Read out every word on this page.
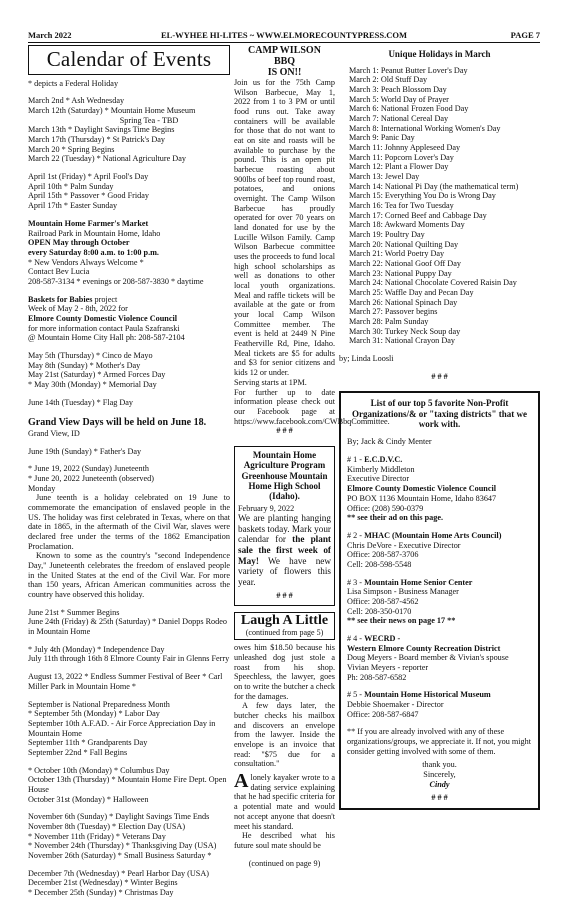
March 2022	EL-WYHEE HI-LITES ~ WWW.ELMORECOUNTYPRESS.COM	PAGE 7
Calendar of Events

* depicts a Federal Holiday

March 2nd * Ash Wednesday

March 12th (Saturday) * Mountain Home Museum

Spring Tea - TBD

March 13th * Daylight Savings Time Begins

March 17th (Thursday) * St Patrick's Day

March 20 * Spring Begins

March 22 (Tuesday) * National Agriculture Day

April 1st (Friday) * April Fool's Day

April 10th * Palm Sunday

April 15th * Passover * Good Friday

April 17th * Easter Sunday

Mountain Home Farmer's Market

Railroad Park in Mountain Home, Idaho

OPEN May through October

every Saturday 8:00 a.m. to 1:00 p.m.

* New Vendors Always Welcome *

Contact Bev Lucia

208-587-3134 * evenings or 208-587-3830 * daytime

Baskets for Babies project

Week of May 2 - 8th, 2022 for

Elmore County Domestic Violence Council

for more information contact Paula Szafranski

@ Mountain Home City Hall ph: 208-587-2104

May 5th (Thursday) * Cinco de Mayo

May 8th (Sunday) * Mother's Day

May 21st (Saturday) * Armed Forces Day

* May 30th (Monday) * Memorial Day

June 14th (Tuesday) * Flag Day

Grand View Days will be held on June 18.

Grand View, ID

June 19th (Sunday) * Father's Day

* June 19, 2022 (Sunday) Juneteenth

* June 20, 2022 Juneteenth (observed)

Monday

June teenth is a holiday celebrated on 19 June to commemorate the emancipation of enslaved people in the US. The holiday was first celebrated in Texas, where on that date in 1865, in the aftermath of the Civil War, slaves were declared free under the terms of the 1862 Emancipation Proclamation.

Known to some as the country's "second Independence Day," Juneteenth celebrates the freedom of enslaved people in the United States at the end of the Civil War. For more than 150 years, African American communities across the country have observed this holiday.

June 21st * Summer Begins

June 24th (Friday) & 25th (Saturday) * Daniel Dopps Rodeo in Mountain Home

* July 4th (Monday) * Independence Day

July 11th through 16th 8 Elmore County Fair in Glenns Ferry

August 13, 2022 * Endless Summer Festival of Beer * Carl Miller Park in Mountain Home *

September is National Preparedness Month

* September 5th (Monday) * Labor Day

September 10th A.F.AD. - Air Force Appreciation Day in Mountain Home

September 11th * Grandparents Day

September 22nd * Fall Begins

* October 10th (Monday) * Columbus Day

October 13th (Thursday) * Mountain Home Fire Dept. Open House

October 31st (Monday) * Halloween

November 6th (Sunday) * Daylight Savings Time Ends

November 8th (Tuesday) * Election Day (USA)

* November 11th (Friday) * Veterans Day

* November 24th (Thursday) * Thanksgiving Day (USA)

November 26th (Saturday) * Small Business Saturday *

December 7th (Wednesday) * Pearl Harbor Day (USA)

December 21st (Wednesday) * Winter Begins

* December 25th (Sunday) * Christmas Day

CAMP WILSON

BBQ

IS ON!!

Join us for the 75th Camp Wilson Barbecue, May 1, 2022 from 1 to 3 PM or until food runs out. Take away containers will be available for those that do not want to eat on site and roasts will be available to purchase by the pound. This is an open pit barbecue roasting about 900lbs of beef top round roast, potatoes, and onions overnight. The Camp Wilson Barbecue has proudly operated for over 70 years on land donated for use by the Lucille Wilson Family. Camp Wilson Barbecue committee uses the proceeds to fund local high school scholarships as well as donations to other local youth organizations. Meal and raffle tickets will be available at the gate or from your local Camp Wilson Committee member. The event is held at 2449 N Pine Featherville Rd, Pine, Idaho. Meal tickets are $5 for adults and $3 for senior citizens and kids 12 or under.

Serving starts at 1PM.

For further up to date information please check out our Facebook page at https://www.facebook.com/CWBbqCommittee.

# # #

Mountain Home Agriculture Program Greenhouse Mountain Home High School (Idaho).

February 9, 2022

We are planting hanging baskets today. Mark your calendar for the plant sale the first week of May! We have new variety of flowers this year.

# # #

Laugh A Little
(continued from page 5)

owes him $18.50 because his unleashed dog just stole a roast from his shop. Speechless, the lawyer, goes on to write the butcher a check for the damages.

A few days later, the butcher checks his mailbox and discovers an envelope from the lawyer. Inside the envelope is an invoice that read: "$75 due for a consultation."

A lonely kayaker wrote to a dating service explaining that he had specific criteria for a potential mate and would not accept anyone that doesn't meet his standard.

He described what his future soul mate should be

(continued on page 9)

Unique Holidays in March

March 1: Peanut Butter Lover's Day

March 2: Old Stuff Day

March 3: Peach Blossom Day

March 5: World Day of Prayer

March 6: National Frozen Food Day

March 7: National Cereal Day

March 8: International Working Women's Day

March 9: Panic Day

March 11: Johnny Appleseed Day

March 11: Popcorn Lover's Day

March 12: Plant a Flower Day

March 13: Jewel Day

March 14: National Pi Day (the mathematical term)

March 15: Everything You Do is Wrong Day

March 16: Tea for Two Tuesday

March 17: Corned Beef and Cabbage Day

March 18: Awkward Moments Day

March 19: Poultry Day

March 20: National Quilting Day

March 21: World Poetry Day

March 22: National Goof Off Day

March 23: National Puppy Day

March 24: National Chocolate Covered Raisin Day

March 25: Waffle Day and Pecan Day

March 26: National Spinach Day

March 27: Passover begins

March 28: Palm Sunday

March 30: Turkey Neck Soup day

March 31: National Crayon Day

by; Linda Loosli

# # #

List of our top 5 favorite Non-Profit Organizations/& or "taxing districts" that we work with.

By; Jack & Cindy Menter

# 1 - E.C.D.V.C.

Kimberly Middleton

Executive Director

Elmore County Domestic Violence Council

PO BOX 1136 Mountain Home, Idaho 83647

Office: (208) 590-0379

** see their ad on this page.

# 2 - MHAC (Mountain Home Arts Council)

Chris DeVore - Executive Director

Office: 208-587-3706

Cell: 208-598-5548

# 3 - Mountain Home Senior Center

Lisa Simpson - Business Manager

Office: 208-587-4562

Cell: 208-350-0170

** see their news on page 17 **

# 4 - WECRD -

Western Elmore County Recreation District

Doug Meyers - Board member & Vivian's spouse

Vivian Meyers - reporter

Ph: 208-587-6582

# 5 - Mountain Home Historical Museum

Debbie Shoemaker - Director

Office: 208-587-6847

** If you are already involved with any of these organizations/groups, we appreciate it. If not, you might consider getting involved with some of them.

thank you.

Sincerely,

Cindy

# # #
